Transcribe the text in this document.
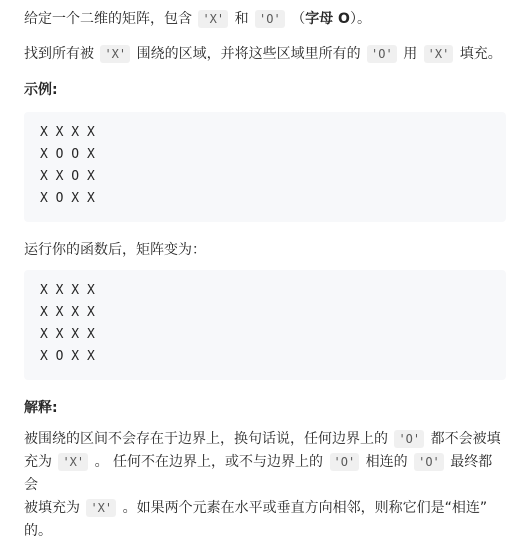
给定一个二维的矩阵，包含 'X' 和 'O' （字母 O）。
找到所有被 'X' 围绕的区域，并将这些区域里所有的 'O' 用 'X' 填充。
示例:
X X X X
X O O X
X X O X
X O X X
运行你的函数后，矩阵变为：
X X X X
X X X X
X X X X
X O X X
解释:
被围绕的区间不会存在于边界上，换句话说，任何边界上的 'O' 都不会被填
充为 'X' 。 任何不在边界上，或不与边界上的 'O' 相连的 'O' 最终都会
被填充为 'X' 。如果两个元素在水平或垂直方向相邻，则称它们是“相连”
的。
